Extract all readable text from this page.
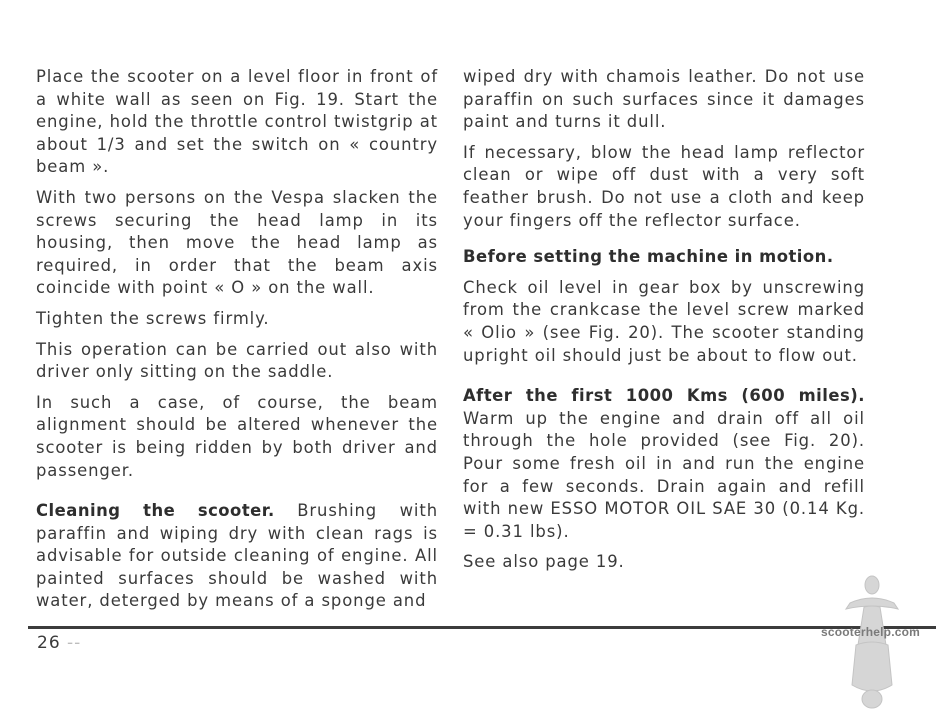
Place the scooter on a level floor in front of a white wall as seen on Fig. 19. Start the engine, hold the throttle control twistgrip at about 1/3 and set the switch on « country beam ».

With two persons on the Vespa slacken the screws securing the head lamp in its housing, then move the head lamp as required, in order that the beam axis coincide with point « O » on the wall.

Tighten the screws firmly.

This operation can be carried out also with driver only sitting on the saddle.

In such a case, of course, the beam alignment should be altered whenever the scooter is being ridden by both driver and passenger.

Cleaning the scooter. Brushing with paraffin and wiping dry with clean rags is advisable for outside cleaning of engine. All painted surfaces should be washed with water, deterged by means of a sponge and

wiped dry with chamois leather. Do not use paraffin on such surfaces since it damages paint and turns it dull.

If necessary, blow the head lamp reflector clean or wipe off dust with a very soft feather brush. Do not use a cloth and keep your fingers off the reflector surface.

Before setting the machine in motion.

Check oil level in gear box by unscrewing from the crankcase the level screw marked « Olio » (see Fig. 20). The scooter standing upright oil should just be about to flow out.

After the first 1000 Kms (600 miles). Warm up the engine and drain off all oil through the hole provided (see Fig. 20). Pour some fresh oil in and run the engine for a few seconds. Drain again and refill with new ESSO MOTOR OIL SAE 30 (0.14 Kg. = 0.31 lbs).

See also page 19.

26 --
scooterhelp.com
